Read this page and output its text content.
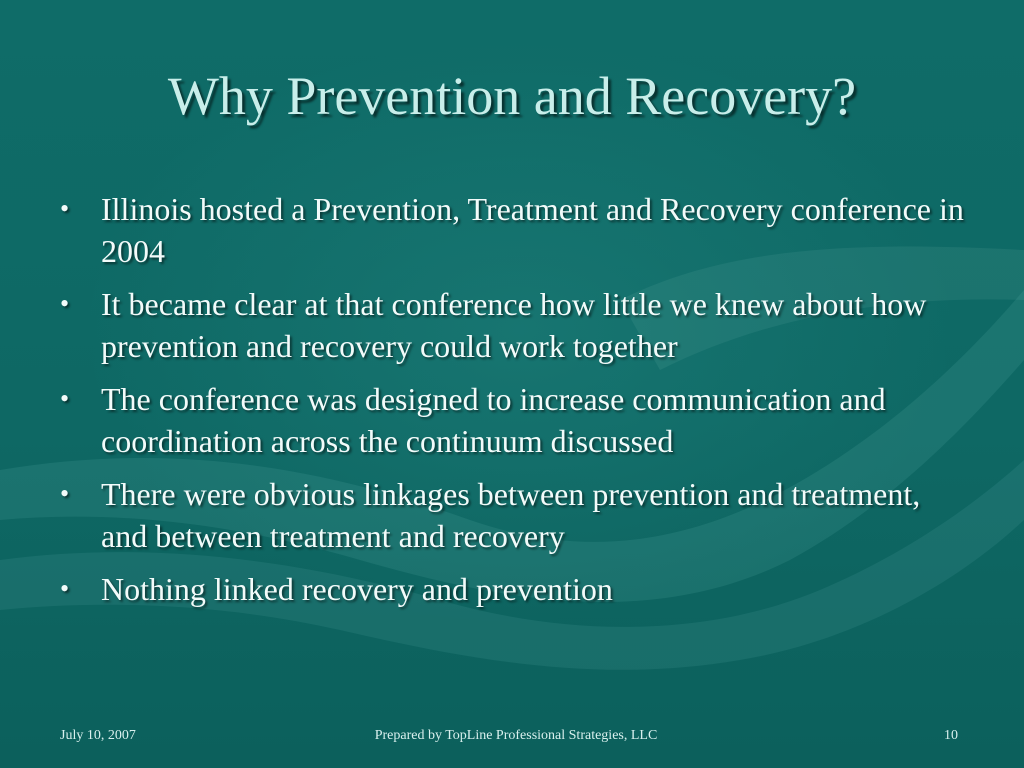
Why Prevention and Recovery?
• Illinois hosted a Prevention, Treatment and Recovery conference in 2004
• It became clear at that conference how little we knew about how prevention and recovery could work together
• The conference was designed to increase communication and coordination across the continuum discussed
• There were obvious linkages between prevention and treatment, and between treatment and recovery
• Nothing linked recovery and prevention
July 10, 2007	Prepared by TopLine Professional Strategies, LLC	10
